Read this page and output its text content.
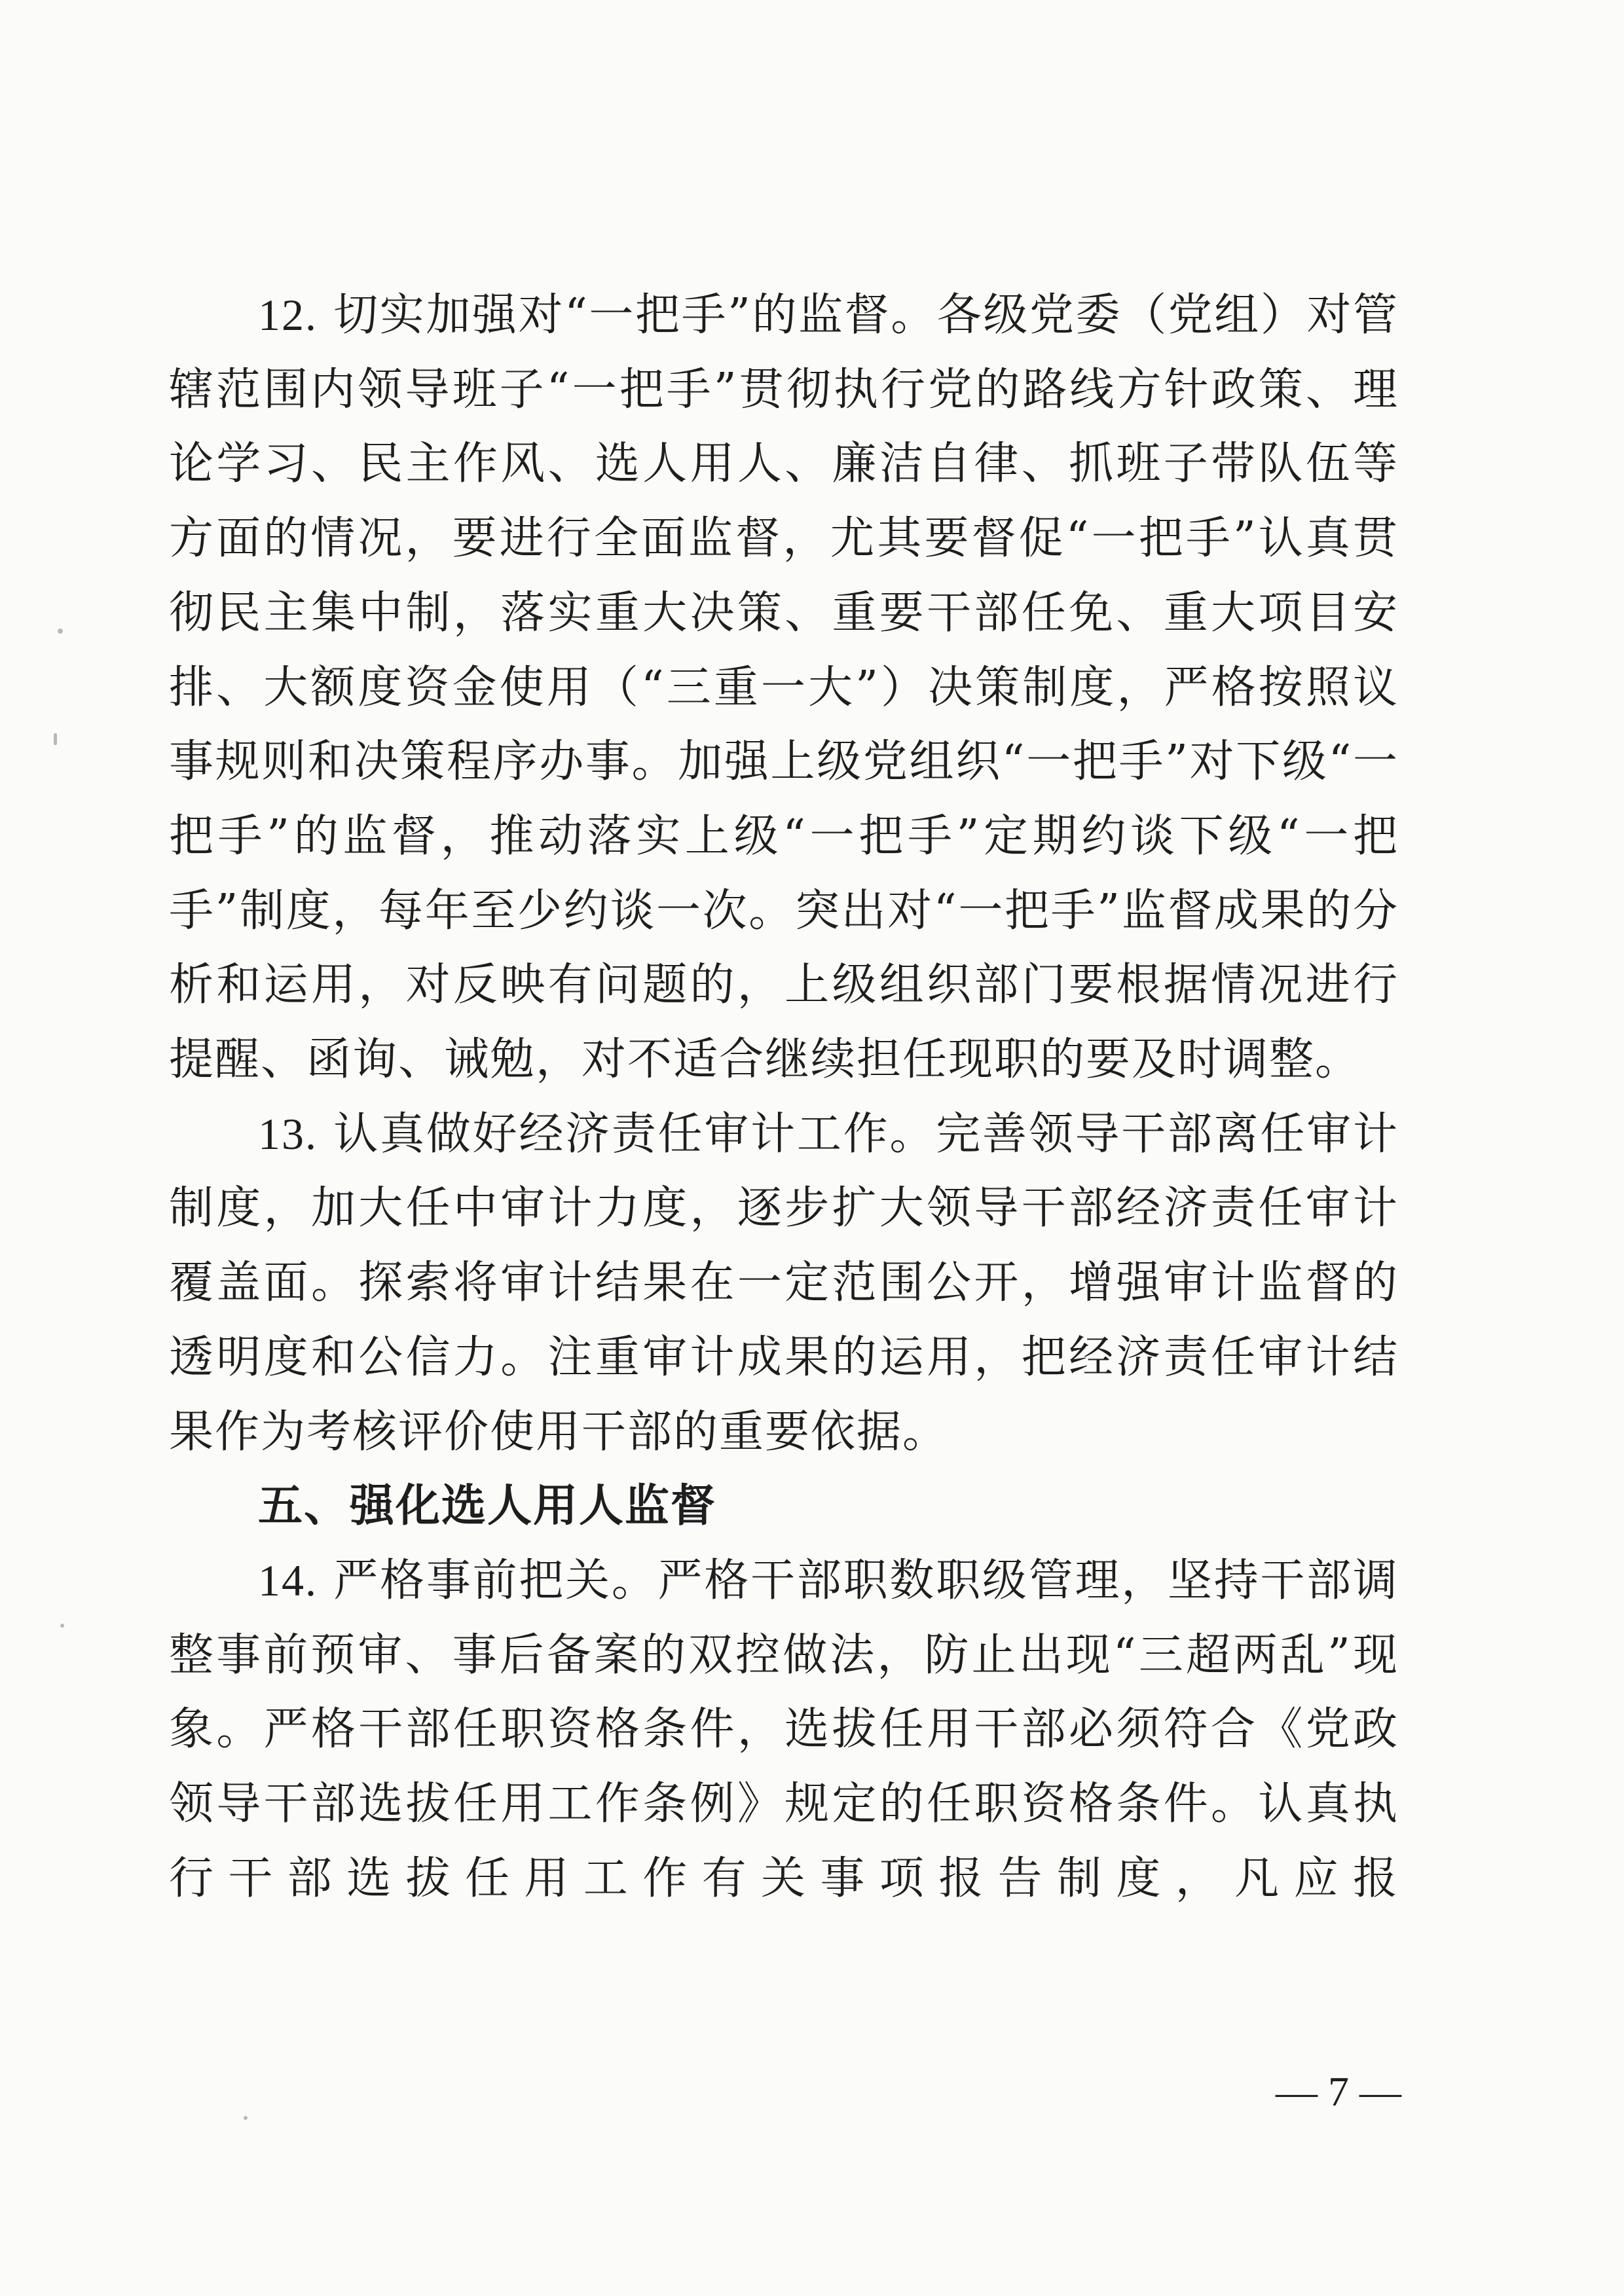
12. 切实加强对“一把手”的监督。各级党委（党组）对管辖范围内领导班子“一把手”贯彻执行党的路线方针政策、理论学习、民主作风、选人用人、廉洁自律、抓班子带队伍等方面的情况，要进行全面监督，尤其要督促“一把手”认真贯彻民主集中制，落实重大决策、重要干部任免、重大项目安排、大额度资金使用（“三重一大”）决策制度，严格按照议事规则和决策程序办事。加强上级党组织“一把手”对下级“一把手”的监督，推动落实上级“一把手”定期约谈下级“一把手”制度，每年至少约谈一次。突出对“一把手”监督成果的分析和运用，对反映有问题的，上级组织部门要根据情况进行提醒、函询、诫勉，对不适合继续担任现职的要及时调整。

13. 认真做好经济责任审计工作。完善领导干部离任审计制度，加大任中审计力度，逐步扩大领导干部经济责任审计覆盖面。探索将审计结果在一定范围公开，增强审计监督的透明度和公信力。注重审计成果的运用，把经济责任审计结果作为考核评价使用干部的重要依据。

五、强化选人用人监督

14. 严格事前把关。严格干部职数职级管理，坚持干部调整事前预审、事后备案的双控做法，防止出现“三超两乱”现象。严格干部任职资格条件，选拔任用干部必须符合《党政领导干部选拔任用工作条例》规定的任职资格条件。认真执行干部选拔任用工作有关事项报告制度，凡应报

— 7 —
